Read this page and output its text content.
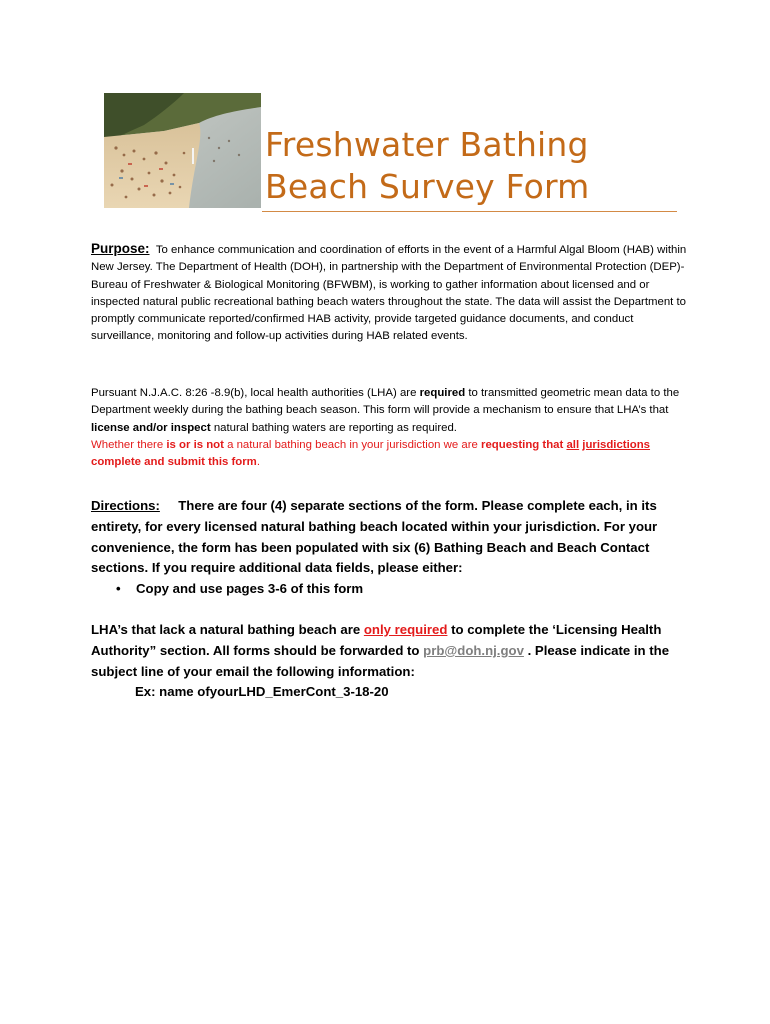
Freshwater Bathing
Beach Survey Form
Purpose: To enhance communication and coordination of efforts in the event of a Harmful Algal Bloom (HAB) within New Jersey. The Department of Health (DOH), in partnership with the Department of Environmental Protection (DEP)- Bureau of Freshwater & Biological Monitoring (BFWBM), is working to gather information about licensed and or inspected natural public recreational bathing beach waters throughout the state. The data will assist the Department to promptly communicate reported/confirmed HAB activity, provide targeted guidance documents, and conduct surveillance, monitoring and follow-up activities during HAB related events.
Pursuant N.J.A.C. 8:26 -8.9(b), local health authorities (LHA) are required to transmitted geometric mean data to the Department weekly during the bathing beach season. This form will provide a mechanism to ensure that LHA’s that license and/or inspect natural bathing waters are reporting as required.
Whether there is or is not a natural bathing beach in your jurisdiction we are requesting that all jurisdictions complete and submit this form.
Directions: There are four (4) separate sections of the form. Please complete each, in its entirety, for every licensed natural bathing beach located within your jurisdiction. For your convenience, the form has been populated with six (6) Bathing Beach and Beach Contact sections. If you require additional data fields, please either:
• Copy and use pages 3-6 of this form
LHA’s that lack a natural bathing beach are only required to complete the ‘Licensing Health Authority” section. All forms should be forwarded to prb@doh.nj.gov . Please indicate in the subject line of your email the following information:
Ex: name ofyourLHD_EmerCont_3-18-20
